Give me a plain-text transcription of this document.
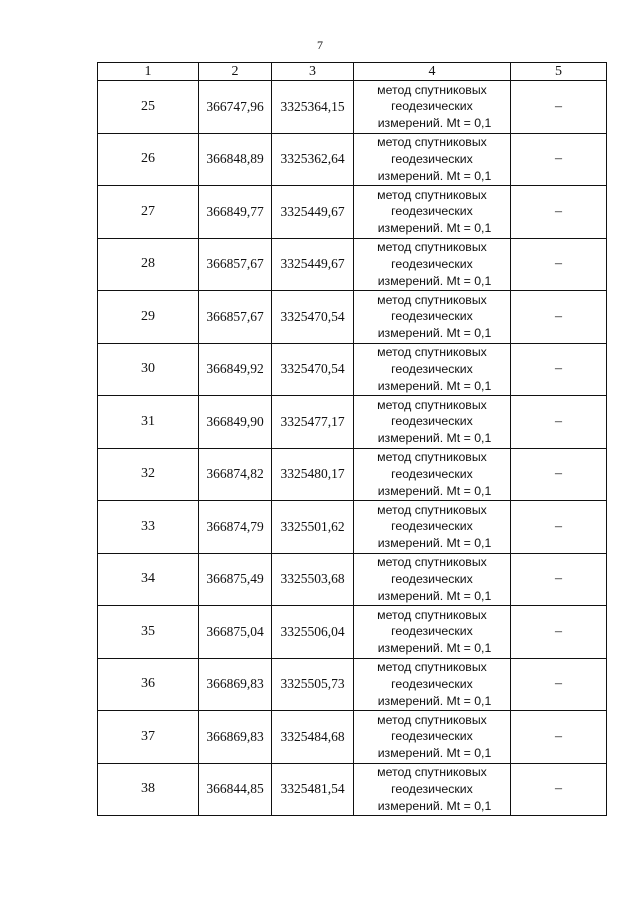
7
1	2	3	4	5
25	366747,96	3325364,15	метод спутниковых
геодезических
измерений. Mt = 0,1	–
26	366848,89	3325362,64	метод спутниковых
геодезических
измерений. Mt = 0,1	–
27	366849,77	3325449,67	метод спутниковых
геодезических
измерений. Mt = 0,1	–
28	366857,67	3325449,67	метод спутниковых
геодезических
измерений. Mt = 0,1	–
29	366857,67	3325470,54	метод спутниковых
геодезических
измерений. Mt = 0,1	–
30	366849,92	3325470,54	метод спутниковых
геодезических
измерений. Mt = 0,1	–
31	366849,90	3325477,17	метод спутниковых
геодезических
измерений. Mt = 0,1	–
32	366874,82	3325480,17	метод спутниковых
геодезических
измерений. Mt = 0,1	–
33	366874,79	3325501,62	метод спутниковых
геодезических
измерений. Mt = 0,1	–
34	366875,49	3325503,68	метод спутниковых
геодезических
измерений. Mt = 0,1	–
35	366875,04	3325506,04	метод спутниковых
геодезических
измерений. Mt = 0,1	–
36	366869,83	3325505,73	метод спутниковых
геодезических
измерений. Mt = 0,1	–
37	366869,83	3325484,68	метод спутниковых
геодезических
измерений. Mt = 0,1	–
38	366844,85	3325481,54	метод спутниковых
геодезических
измерений. Mt = 0,1	–
